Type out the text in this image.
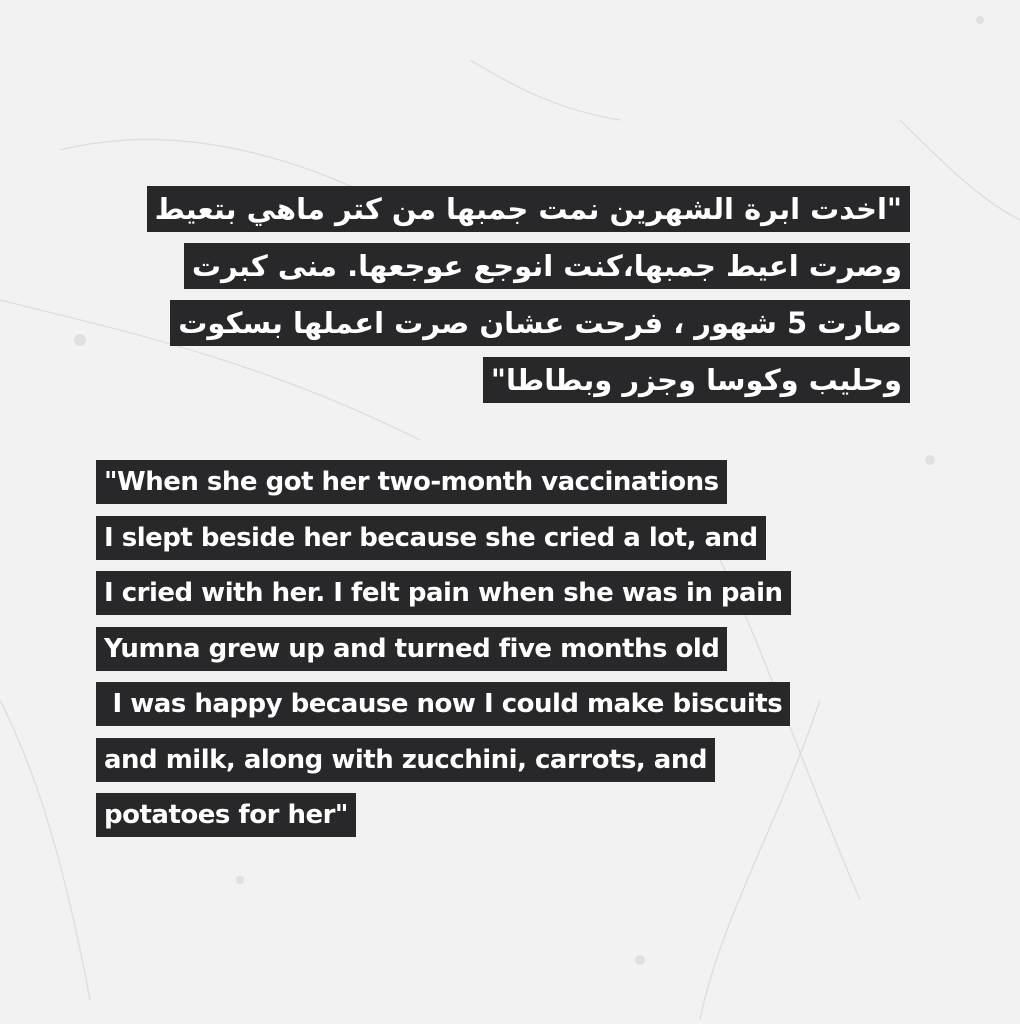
"اخدت ابرة الشهرين نمت جمبها من كتر ماهي بتعيط
وصرت اعيط جمبها،كنت انوجع عوجعها. منى كبرت
صارت 5 شهور ، فرحت عشان صرت اعملها بسكوت
وحليب وكوسا وجزر وبطاطا"
"When she got her two-month vaccinations
I slept beside her because she cried a lot, and
I cried with her. I felt pain when she was in pain
Yumna grew up and turned five months old
I was happy because now I could make biscuits
and milk, along with zucchini, carrots, and
potatoes for her"
